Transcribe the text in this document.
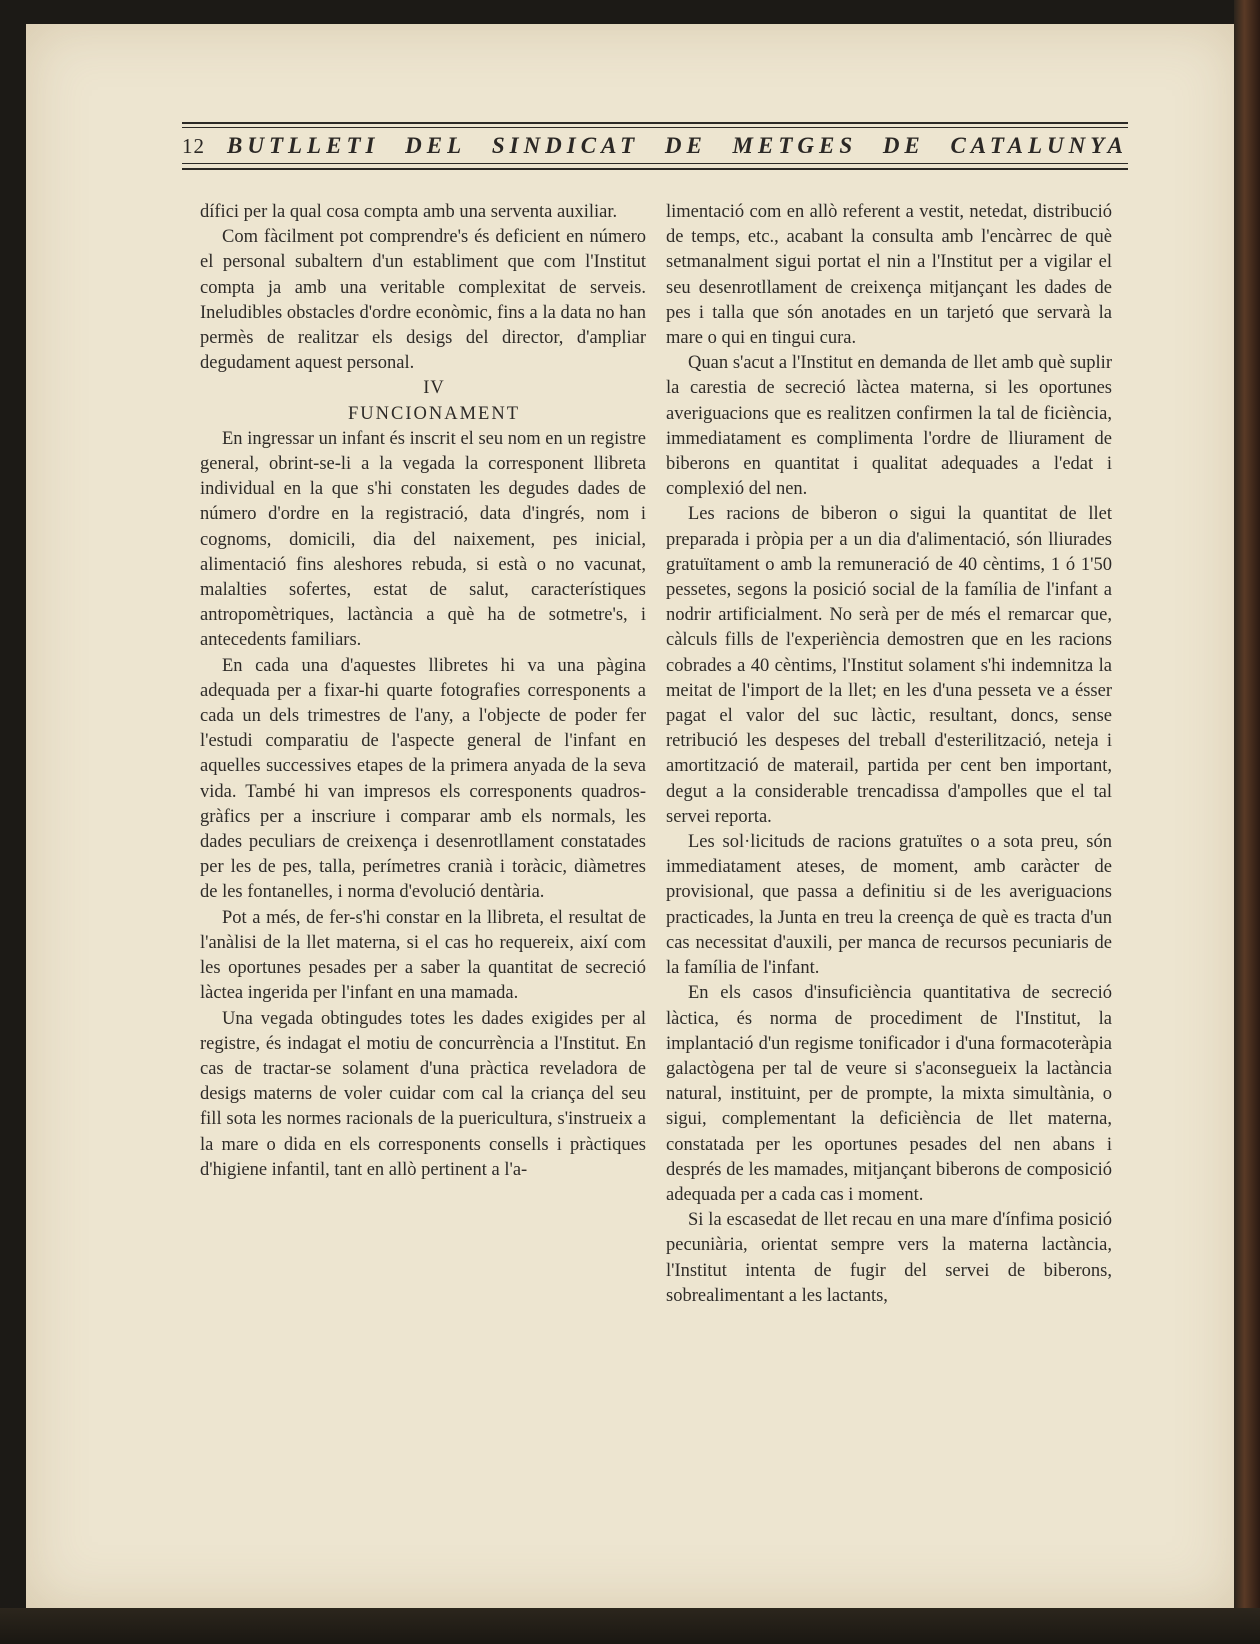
12 BUTLLETI DEL SINDICAT DE METGES DE CATALUNYA

dífici per la qual cosa compta amb una serventa auxiliar.

Com fàcilment pot comprendre's és deficient en número el personal subaltern d'un establiment que com l'Institut compta ja amb una veritable complexitat de serveis. Ineludibles obstacles d'ordre econòmic, fins a la data no han permès de realitzar els desigs del director, d'ampliar degudament aquest personal.

IV

FUNCIONAMENT

En ingressar un infant és inscrit el seu nom en un registre general, obrint-se-li a la vegada la corresponent llibreta individual en la que s'hi constaten les degudes dades de número d'ordre en la registració, data d'ingrés, nom i cognoms, domicili, dia del naixement, pes inicial, alimentació fins aleshores rebuda, si està o no vacunat, malalties sofertes, estat de salut, característiques antropomètriques, lactància a què ha de sotmetre's, i antecedents familiars.

En cada una d'aquestes llibretes hi va una pàgina adequada per a fixar-hi quarte fotografies corresponents a cada un dels trimestres de l'any, a l'objecte de poder fer l'estudi comparatiu de l'aspecte general de l'infant en aquelles successives etapes de la primera anyada de la seva vida. També hi van impresos els corresponents quadros-gràfics per a inscriure i comparar amb els normals, les dades peculiars de creixença i desenrotllament constatades per les de pes, talla, perímetres cranià i toràcic, diàmetres de les fontanelles, i norma d'evolució dentària.

Pot a més, de fer-s'hi constar en la llibreta, el resultat de l'anàlisi de la llet materna, si el cas ho requereix, així com les oportunes pesades per a saber la quantitat de secreció làctea ingerida per l'infant en una mamada.

Una vegada obtingudes totes les dades exigides per al registre, és indagat el motiu de concurrència a l'Institut. En cas de tractar-se solament d'una pràctica reveladora de desigs materns de voler cuidar com cal la criança del seu fill sota les normes racionals de la puericultura, s'instrueix a la mare o dida en els corresponents consells i pràctiques d'higiene infantil, tant en allò pertinent a l'a-

limentació com en allò referent a vestit, netedat, distribució de temps, etc., acabant la consulta amb l'encàrrec de què setmanalment sigui portat el nin a l'Institut per a vigilar el seu desenrotllament de creixença mitjançant les dades de pes i talla que són anotades en un tarjetó que servarà la mare o qui en tingui cura.

Quan s'acut a l'Institut en demanda de llet amb què suplir la carestia de secreció làctea materna, si les oportunes averiguacions que es realitzen confirmen la tal de ficiència, immediatament es complimenta l'ordre de lliurament de biberons en quantitat i qualitat adequades a l'edat i complexió del nen.

Les racions de biberon o sigui la quantitat de llet preparada i pròpia per a un dia d'alimentació, són lliurades gratuïtament o amb la remuneració de 40 cèntims, 1 ó 1'50 pessetes, segons la posició social de la família de l'infant a nodrir artificialment. No serà per de més el remarcar que, càlculs fills de l'experiència demostren que en les racions cobrades a 40 cèntims, l'Institut solament s'hi indemnitza la meitat de l'import de la llet; en les d'una pesseta ve a ésser pagat el valor del suc làctic, resultant, doncs, sense retribució les despeses del treball d'esterilització, neteja i amortització de materail, partida per cent ben important, degut a la considerable trencadissa d'ampolles que el tal servei reporta.

Les sol·licituds de racions gratuïtes o a sota preu, són immediatament ateses, de moment, amb caràcter de provisional, que passa a definitiu si de les averiguacions practicades, la Junta en treu la creença de què es tracta d'un cas necessitat d'auxili, per manca de recursos pecuniaris de la família de l'infant.

En els casos d'insuficiència quantitativa de secreció làctica, és norma de procediment de l'Institut, la implantació d'un regisme tonificador i d'una formacoteràpia galactògena per tal de veure si s'aconsegueix la lactància natural, instituint, per de prompte, la mixta simultània, o sigui, complementant la deficiència de llet materna, constatada per les oportunes pesades del nen abans i després de les mamades, mitjançant biberons de composició adequada per a cada cas i moment.

Si la escasedat de llet recau en una mare d'ínfima posició pecuniària, orientat sempre vers la materna lactància, l'Institut intenta de fugir del servei de biberons, sobrealimentant a les lactants,
